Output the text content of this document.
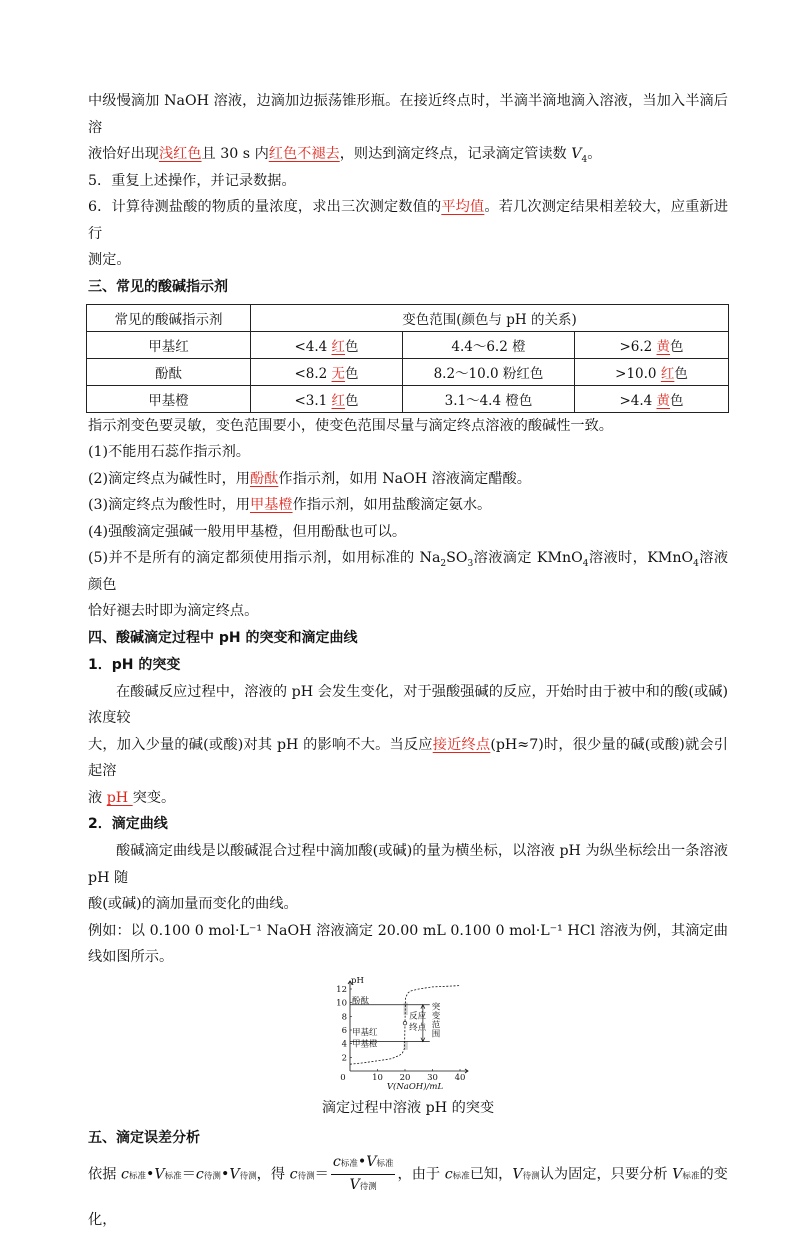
中级慢滴加 NaOH 溶液，边滴加边振荡锥形瓶。在接近终点时，半滴半滴地滴入溶液，当加入半滴后溶

液恰好出现浅红色且 30 s 内红色不褪去，则达到滴定终点，记录滴定管读数 $V_4$。

5．重复上述操作，并记录数据。

6．计算待测盐酸的物质的量浓度，求出三次测定数值的平均值。若几次测定结果相差较大，应重新进行

测定。

三、常见的酸碱指示剂

常见的酸碱指示剂	变色范围(颜色与 pH 的关系)		
甲基红	<4.4 红色	4.4～6.2 橙	>6.2 黄色
酚酞	<8.2 无色	8.2～10.0 粉红色	>10.0 红色
甲基橙	<3.1 红色	3.1～4.4 橙色	>4.4 黄色

指示剂变色要灵敏，变色范围要小，使变色范围尽量与滴定终点溶液的酸碱性一致。

(1)不能用石蕊作指示剂。

(2)滴定终点为碱性时，用酚酞作指示剂，如用 NaOH 溶液滴定醋酸。

(3)滴定终点为酸性时，用甲基橙作指示剂，如用盐酸滴定氨水。

(4)强酸滴定强碱一般用甲基橙，但用酚酞也可以。

(5)并不是所有的滴定都须使用指示剂，如用标准的 $Na_2SO_3$溶液滴定 KMnO$_4$溶液时，KMnO$_4$溶液颜色

恰好褪去时即为滴定终点。

四、酸碱滴定过程中 pH 的突变和滴定曲线

1．pH 的突变

在酸碱反应过程中，溶液的 pH 会发生变化，对于强酸强碱的反应，开始时由于被中和的酸(或碱)浓度较

大，加入少量的碱(或酸)对其 pH 的影响不大。当反应接近终点(pH≈7)时，很少量的碱(或酸)就会引起溶

液 pH 突变。

2．滴定曲线

酸碱滴定曲线是以酸碱混合过程中滴加酸(或碱)的量为横坐标，以溶液 pH 为纵坐标绘出一条溶液 pH 随

酸(或碱)的滴加量而变化的曲线。

例如：以 0.100 0 mol·L⁻¹ NaOH 溶液滴定 20.00 mL 0.100 0 mol·L⁻¹ HCl 溶液为例，其滴定曲线如图所示。

0	10 20 30 40
2
4
6
8
10
12
pH
V(NaOH)/mL
酚酞
反应
终点
突
变
范
围
甲基红
甲基橙

滴定过程中溶液 pH 的突变

五、滴定误差分析

依据 c标准•V标准＝c待测•V待测，得 c待测＝ $\frac{\text{c标准•V标准}}{\text{V待测}}$ ，由于 c标准已知，V待测认为固定，只要分析 V标准的变化，
